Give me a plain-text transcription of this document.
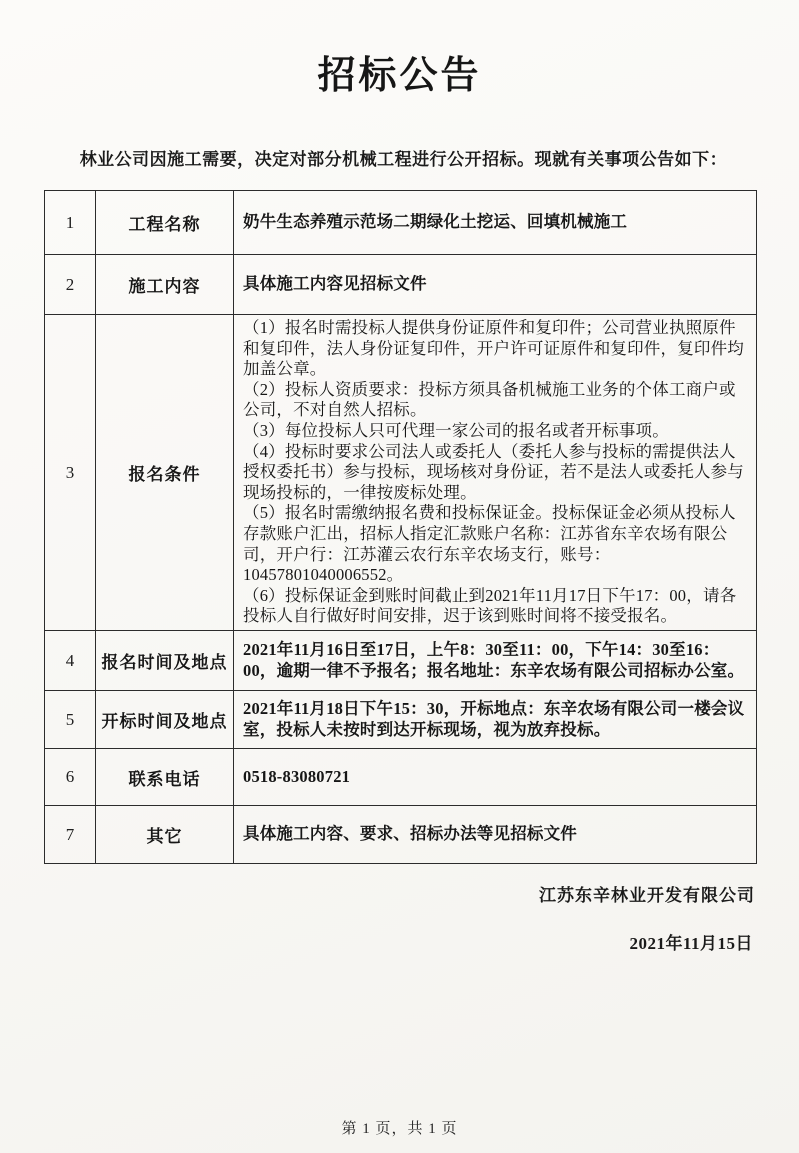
招标公告

林业公司因施工需要，决定对部分机械工程进行公开招标。现就有关事项公告如下：

1	工程名称	奶牛生态养殖示范场二期绿化土挖运、回填机械施工

2	施工内容	具体施工内容见招标文件

3	报名条件	

（1）报名时需投标人提供身份证原件和复印件；公司营业执照原件和复印件，法人身份证复印件，开户许可证原件和复印件，复印件均加盖公章。

（2）投标人资质要求：投标方须具备机械施工业务的个体工商户或公司，不对自然人招标。

（3）每位投标人只可代理一家公司的报名或者开标事项。

（4）投标时要求公司法人或委托人（委托人参与投标的需提供法人授权委托书）参与投标，现场核对身份证，若不是法人或委托人参与现场投标的，一律按废标处理。

（5）报名时需缴纳报名费和投标保证金。投标保证金必须从投标人存款账户汇出，招标人指定汇款账户名称：江苏省东辛农场有限公司，开户行：江苏灌云农行东辛农场支行，账号：10457801040006552。

（6）投标保证金到账时间截止到2021年11月17日下午17：00，请各投标人自行做好时间安排，迟于该到账时间将不接受报名。

4	报名时间及地点	2021年11月16日至17日，上午8：30至11：00，下午14：30至16：00，逾期一律不予报名；报名地址：东辛农场有限公司招标办公室。

5	开标时间及地点	2021年11月18日下午15：30，开标地点：东辛农场有限公司一楼会议室，投标人未按时到达开标现场，视为放弃投标。

6	联系电话	0518-83080721

7	其它	具体施工内容、要求、招标办法等见招标文件

江苏东辛林业开发有限公司
2021年11月15日
第 1 页，共 1 页
